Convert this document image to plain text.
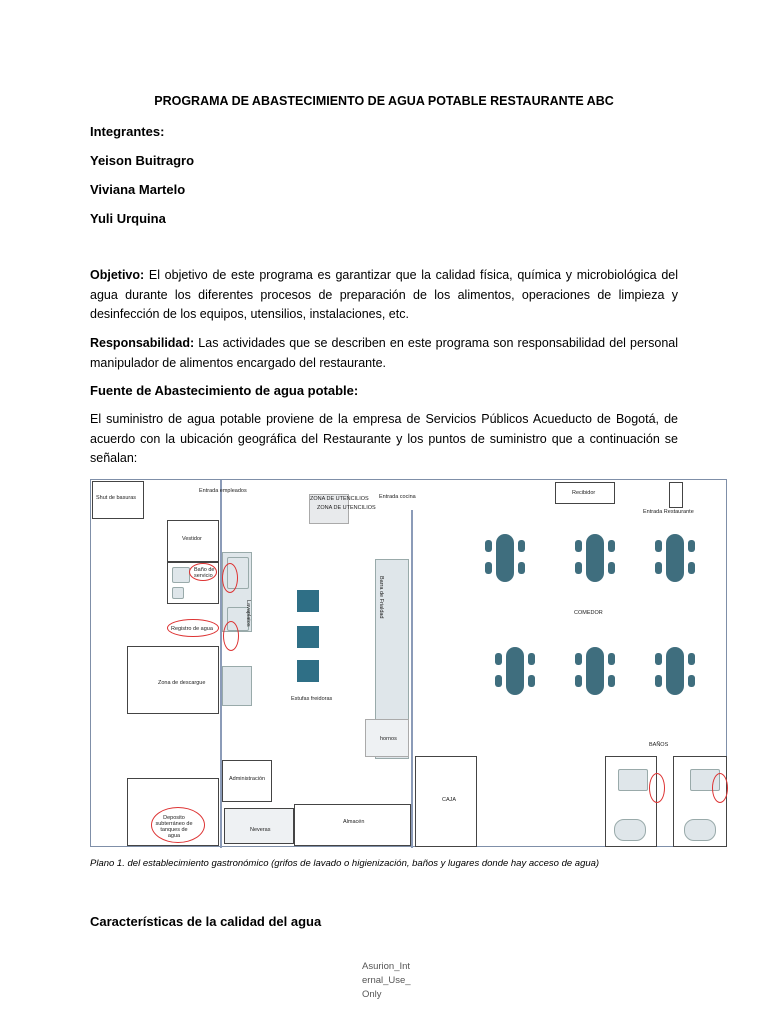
PROGRAMA DE ABASTECIMIENTO DE AGUA POTABLE RESTAURANTE ABC
Integrantes:
Yeison Buitragro
Viviana Martelo
Yuli Urquina
Objetivo: El objetivo de este programa es garantizar que la calidad física, química y microbiológica del agua durante los diferentes procesos de preparación de los alimentos, operaciones de limpieza y desinfección de los equipos, utensilios, instalaciones, etc.
Responsabilidad: Las actividades que se describen en este programa son responsabilidad del personal manipulador de alimentos encargado del restaurante.
Fuente de Abastecimiento de agua potable:
El suministro de agua potable proviene de la empresa de Servicios Públicos Acueducto de Bogotá, de acuerdo con la ubicación geográfica del Restaurante y los puntos de suministro que a continuación se señalan:
Shut de basuras
Entrada empleados
ZONA DE UTENCILIOS
ZONA DE UTENCILIOS
Entrada cocina
Recibidor
Entrada Restaurante
Vestidor
Baño de servicio
Lavaplatos
Registro de agua
Zona de descargue
Estufas freidoras
Barra de Frialdad
hornos
COMEDOR
BAÑOS
Administración
CAJA
Deposito subterráneo de tanques de agua
Neveras
Almacén
Plano 1. del establecimiento gastronómico (grifos de lavado o higienización, baños y lugares donde hay acceso de agua)
Características de la calidad del agua
Asurion_Internal_Use_Only
